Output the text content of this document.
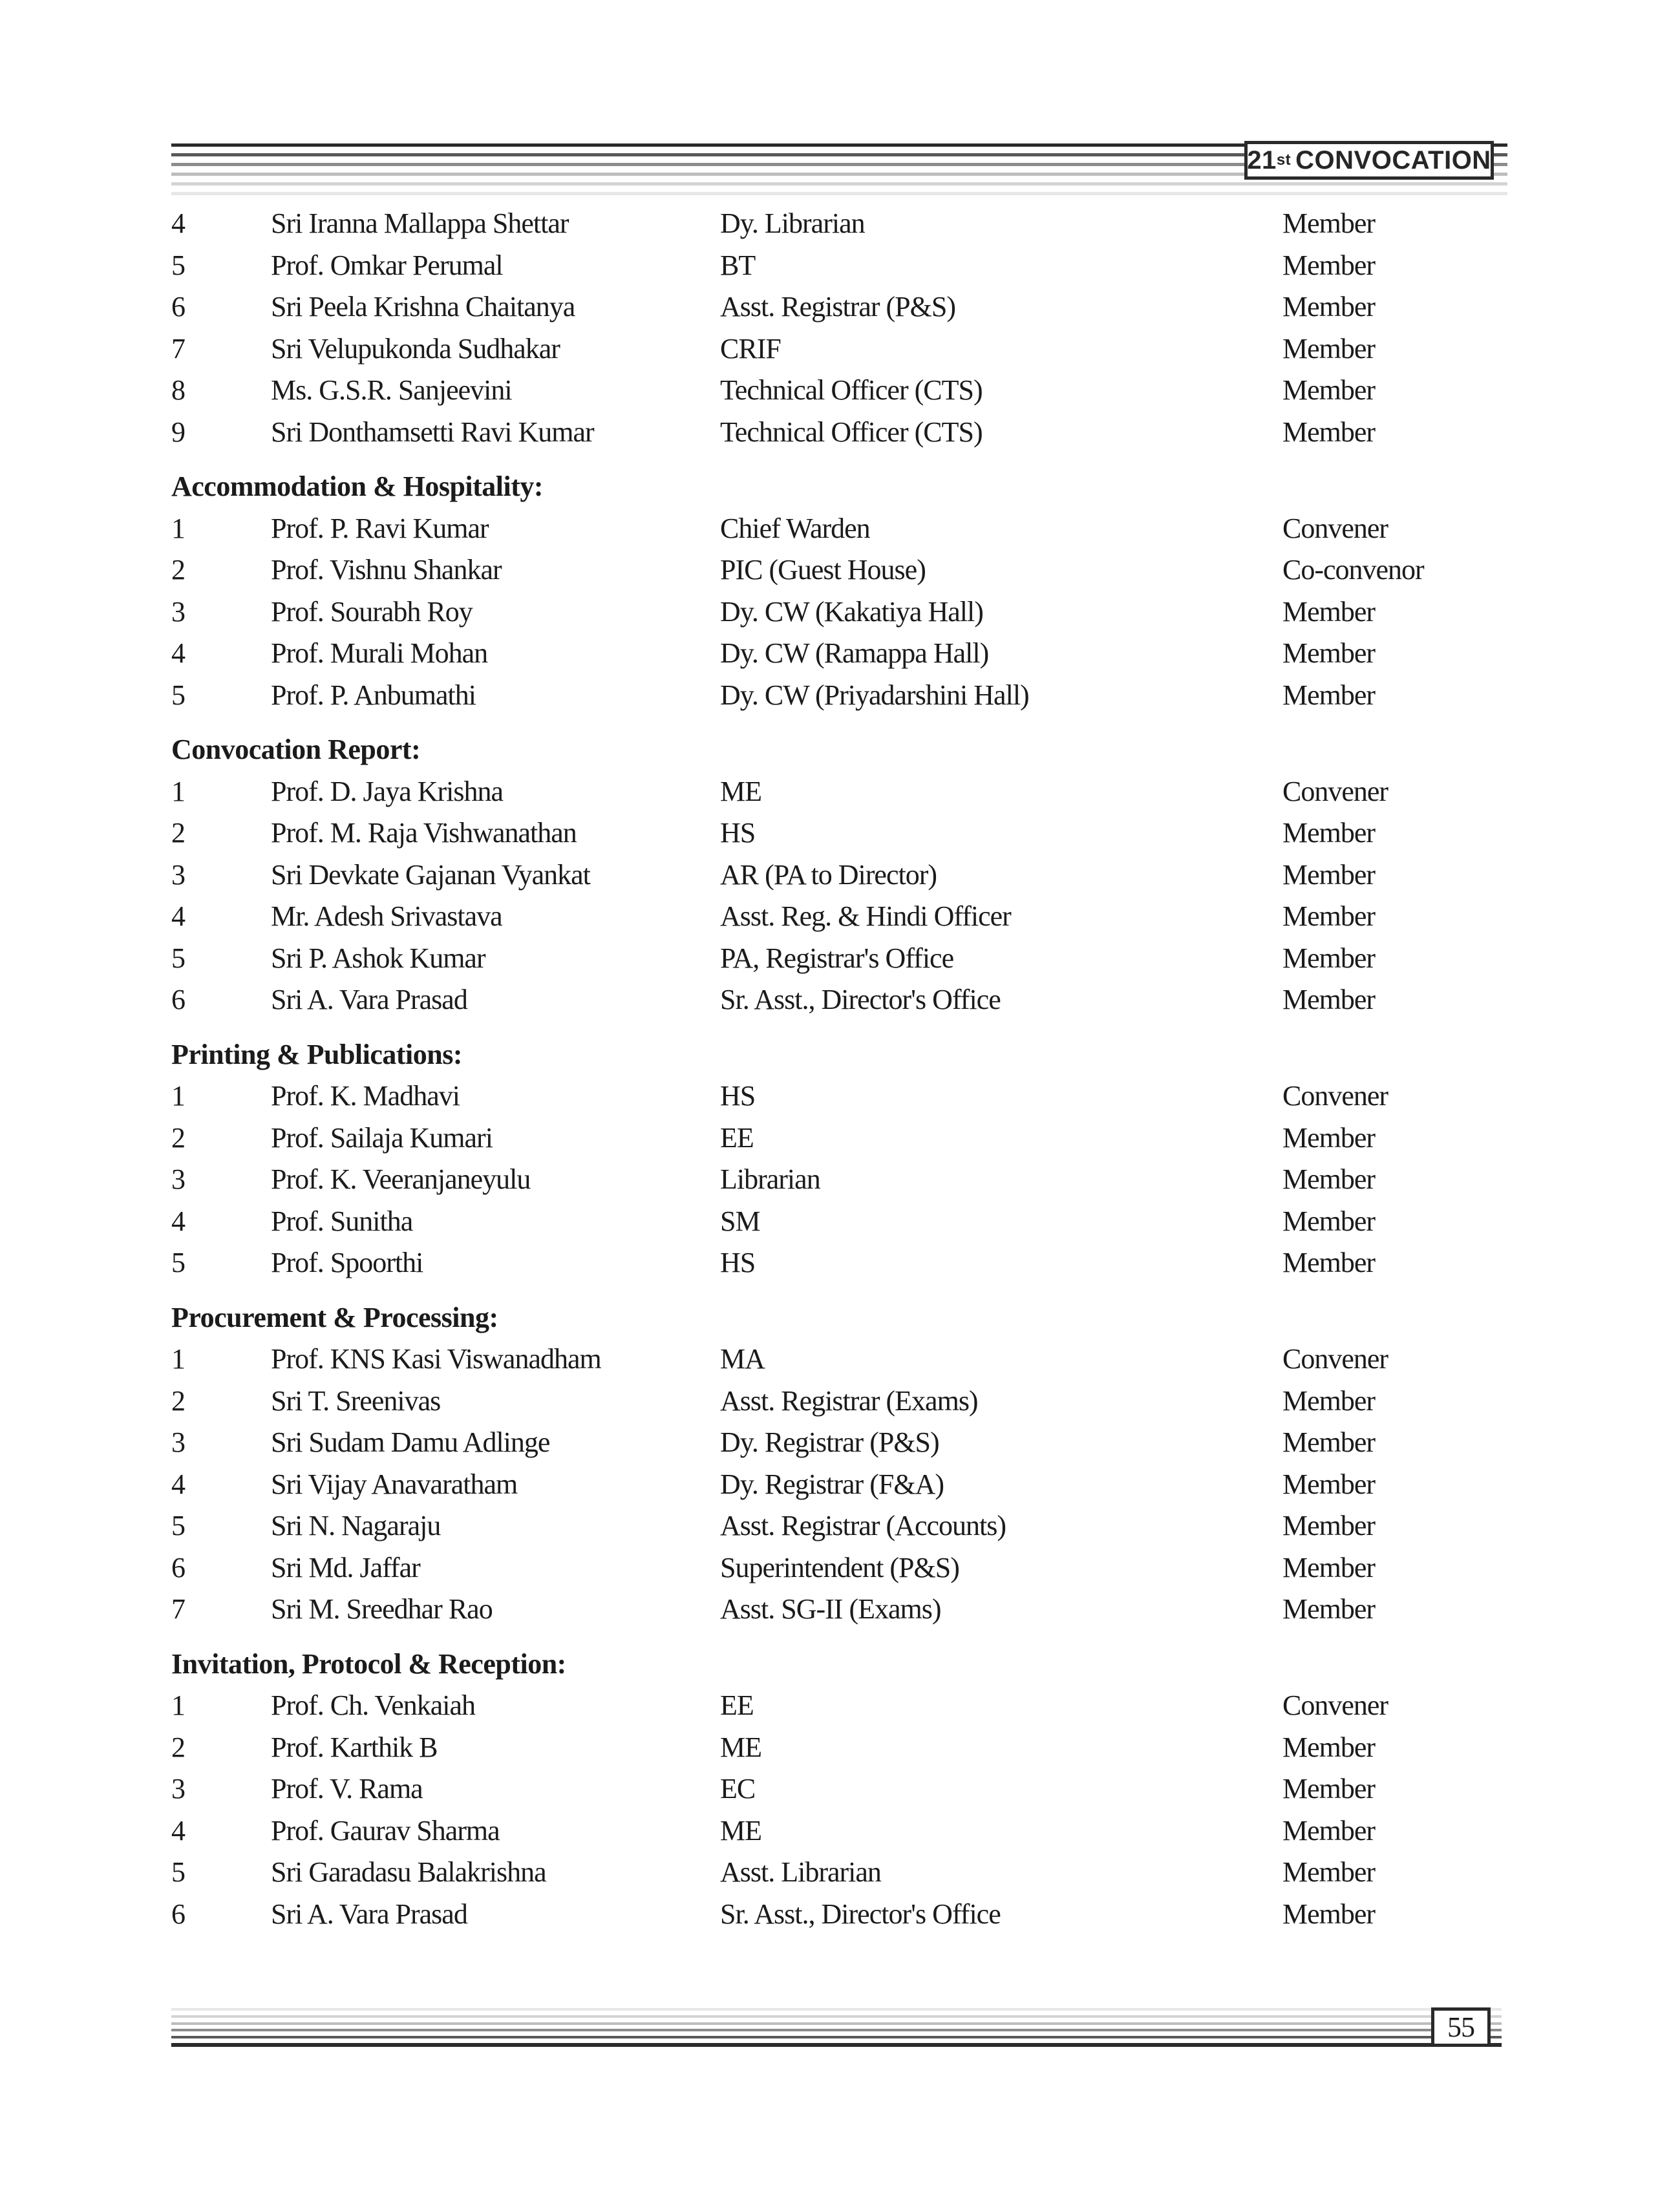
21 st CONVOCATION
4	Sri Iranna Mallappa Shettar	Dy. Librarian	Member
5	Prof. Omkar Perumal	BT	Member
6	Sri Peela Krishna Chaitanya	Asst. Registrar (P&S)	Member
7	Sri Velupukonda Sudhakar	CRIF	Member
8	Ms. G.S.R. Sanjeevini	Technical Officer (CTS)	Member
9	Sri Donthamsetti Ravi Kumar	Technical Officer (CTS)	Member
Accommodation & Hospitality:
1	Prof. P. Ravi Kumar	Chief Warden	Convener
2	Prof. Vishnu Shankar	PIC (Guest House)	Co-convenor
3	Prof. Sourabh Roy	Dy. CW (Kakatiya Hall)	Member
4	Prof. Murali Mohan	Dy. CW (Ramappa Hall)	Member
5	Prof. P. Anbumathi	Dy. CW (Priyadarshini Hall)	Member
Convocation Report:
1	Prof. D. Jaya Krishna	ME	Convener
2	Prof. M. Raja Vishwanathan	HS	Member
3	Sri Devkate Gajanan Vyankat	AR (PA to Director)	Member
4	Mr. Adesh Srivastava	Asst. Reg. & Hindi Officer	Member
5	Sri P. Ashok Kumar	PA, Registrar's Office	Member
6	Sri A. Vara Prasad	Sr. Asst., Director's Office	Member
Printing & Publications:
1	Prof. K. Madhavi	HS	Convener
2	Prof. Sailaja Kumari	EE	Member
3	Prof. K. Veeranjaneyulu	Librarian	Member
4	Prof. Sunitha	SM	Member
5	Prof. Spoorthi	HS	Member
Procurement & Processing:
1	Prof. KNS Kasi Viswanadham	MA	Convener
2	Sri T. Sreenivas	Asst. Registrar (Exams)	Member
3	Sri Sudam Damu Adlinge	Dy. Registrar (P&S)	Member
4	Sri Vijay Anavaratham	Dy. Registrar (F&A)	Member
5	Sri N. Nagaraju	Asst. Registrar (Accounts)	Member
6	Sri Md. Jaffar	Superintendent (P&S)	Member
7	Sri M. Sreedhar Rao	Asst. SG-II (Exams)	Member
Invitation, Protocol & Reception:
1	Prof. Ch. Venkaiah	EE	Convener
2	Prof. Karthik B	ME	Member
3	Prof. V. Rama	EC	Member
4	Prof. Gaurav Sharma	ME	Member
5	Sri Garadasu Balakrishna	Asst. Librarian	Member
6	Sri A. Vara Prasad	Sr. Asst., Director's Office	Member
55
